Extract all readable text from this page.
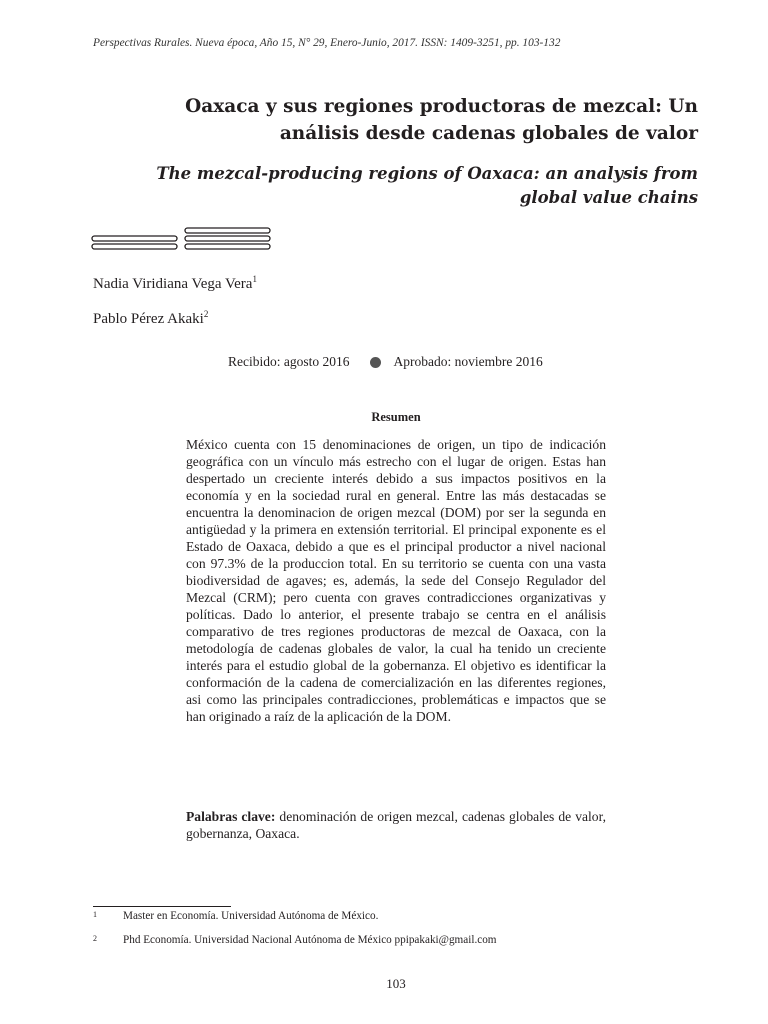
Perspectivas Rurales. Nueva época, Año 15, N° 29, Enero-Junio, 2017. ISSN: 1409-3251, pp. 103-132
Oaxaca y sus regiones productoras de mezcal: Un
análisis desde cadenas globales de valor
The mezcal-producing regions of Oaxaca: an analysis from
global value chains
Nadia Viridiana Vega Vera$^1$
Pablo Pérez Akaki$^2$
Recibido: agosto 2016	Aprobado: noviembre 2016
Resumen
México cuenta con 15 denominaciones de origen, un tipo de indicación geográfica con un vínculo más estrecho con el lugar de origen. Estas han despertado un creciente interés debido a sus impactos positivos en la economía y en la sociedad rural en general. Entre las más destacadas se encuentra la denominacion de origen mezcal (DOM) por ser la segunda en antigüedad y la primera en extensión territorial. El principal exponente es el Estado de Oaxaca, debido a que es el principal productor a nivel nacional con 97.3% de la produccion total. En su territorio se cuenta con una vasta biodiversidad de agaves; es, además, la sede del Consejo Regulador del Mezcal (CRM); pero cuenta con graves contradicciones organizativas y políticas. Dado lo anterior, el presente trabajo se centra en el análisis comparativo de tres regiones productoras de mezcal de Oaxaca, con la metodología de cadenas globales de valor, la cual ha tenido un creciente interés para el estudio global de la gobernanza. El objetivo es identificar la conformación de la cadena de comercialización en las diferentes regiones, asi como las principales contradicciones, problemáticas e impactos que se han originado a raíz de la aplicación de la DOM.
Palabras clave: denominación de origen mezcal, cadenas globales de valor, gobernanza, Oaxaca.
1 Master en Economía. Universidad Autónoma de México.
2 Phd Economía. Universidad Nacional Autónoma de México ppipakaki@gmail.com
103
